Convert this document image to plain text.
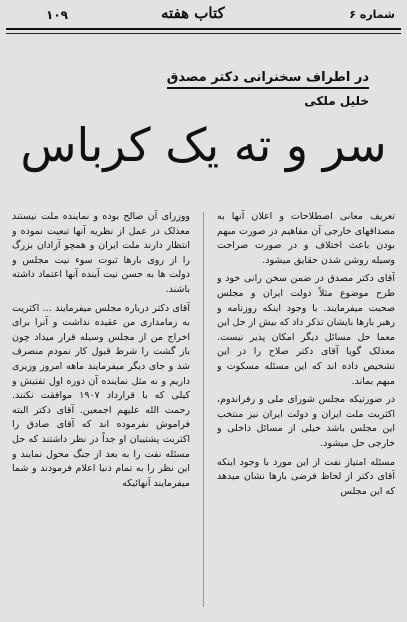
۱۰۹	کتاب هفته	شماره ۶
در اطراف سخنرانی دکتر مصدق
خلیل ملکی
سر و ته یک کرباس

تعریف معانی اصطلاحات و اعلان آنها به مصداقهای خارجی آن مفاهیم در صورت مبهم بودن باعث اختلاف و در صورت صراحت وسیله روشن شدن حقایق میشود.

آقای دکتر مصدق در ضمن سخن رانی خود و طرح موضوع مثلاً دولت ایران و مجلس صحبت میفرمایند. با وجود اینکه روزنامه و رهبر بارها بایشان تذکر داد که بیش از حل این معما حل مسائل دیگر امکان پذیر نیست. معذلک گویا آقای دکتر صلاح را در این تشخیص داده اند که این مسئله مسکوت و مبهم بماند.

در صورتیکه مجلس شورای ملی و رفراندوم، اکثریت ملت ایران و دولت ایران نیز منتخب این مجلس باشد خیلی از مسائل داخلی و خارجی حل میشود.

مسئله امتیاز نفت از این مورد با وجود اینکه آقای دکتر از لحاظ فرضی بارها نشان میدهد که این مجلس

ووزرای آن صالح بوده و نماینده ملت نیستند معذلک در عمل از نظریه آنها تبعیت نموده و انتظار دارند ملت ایران و همچو آزادان بزرگ را از روی بارها ثبوت سوء نیت مجلس و دولت ها به حسن نیت آینده آنها اعتماد داشته باشند.

آقای دکتر درباره مجلس میفرمایند ... اکثریت به زمامداری من عقیده نداشت و آنرا برای اخراج من از مجلس وسیله قرار میداد چون باز گشت را شرط قبول کار نمودم منصرف شد و جای دیگر میفرمایند ماهه امروز وزیری داریم و نه مثل نماینده آن دوره اول تفتیش و کیلی که با قرارداد ۱۹۰۷ موافقت نکنند. رحمت الله علیهم اجمعین. آقای دکتر البته فراموش نفرموده اند که آقای صادق را اکثریت پشتیبان او جداً در نظر داشتند که حل مسئله نفت را به بعد از جنگ محول نمایند و این نظر را به تمام دنیا اعلام فرمودند و شما میفرمایند آنهائیکه
